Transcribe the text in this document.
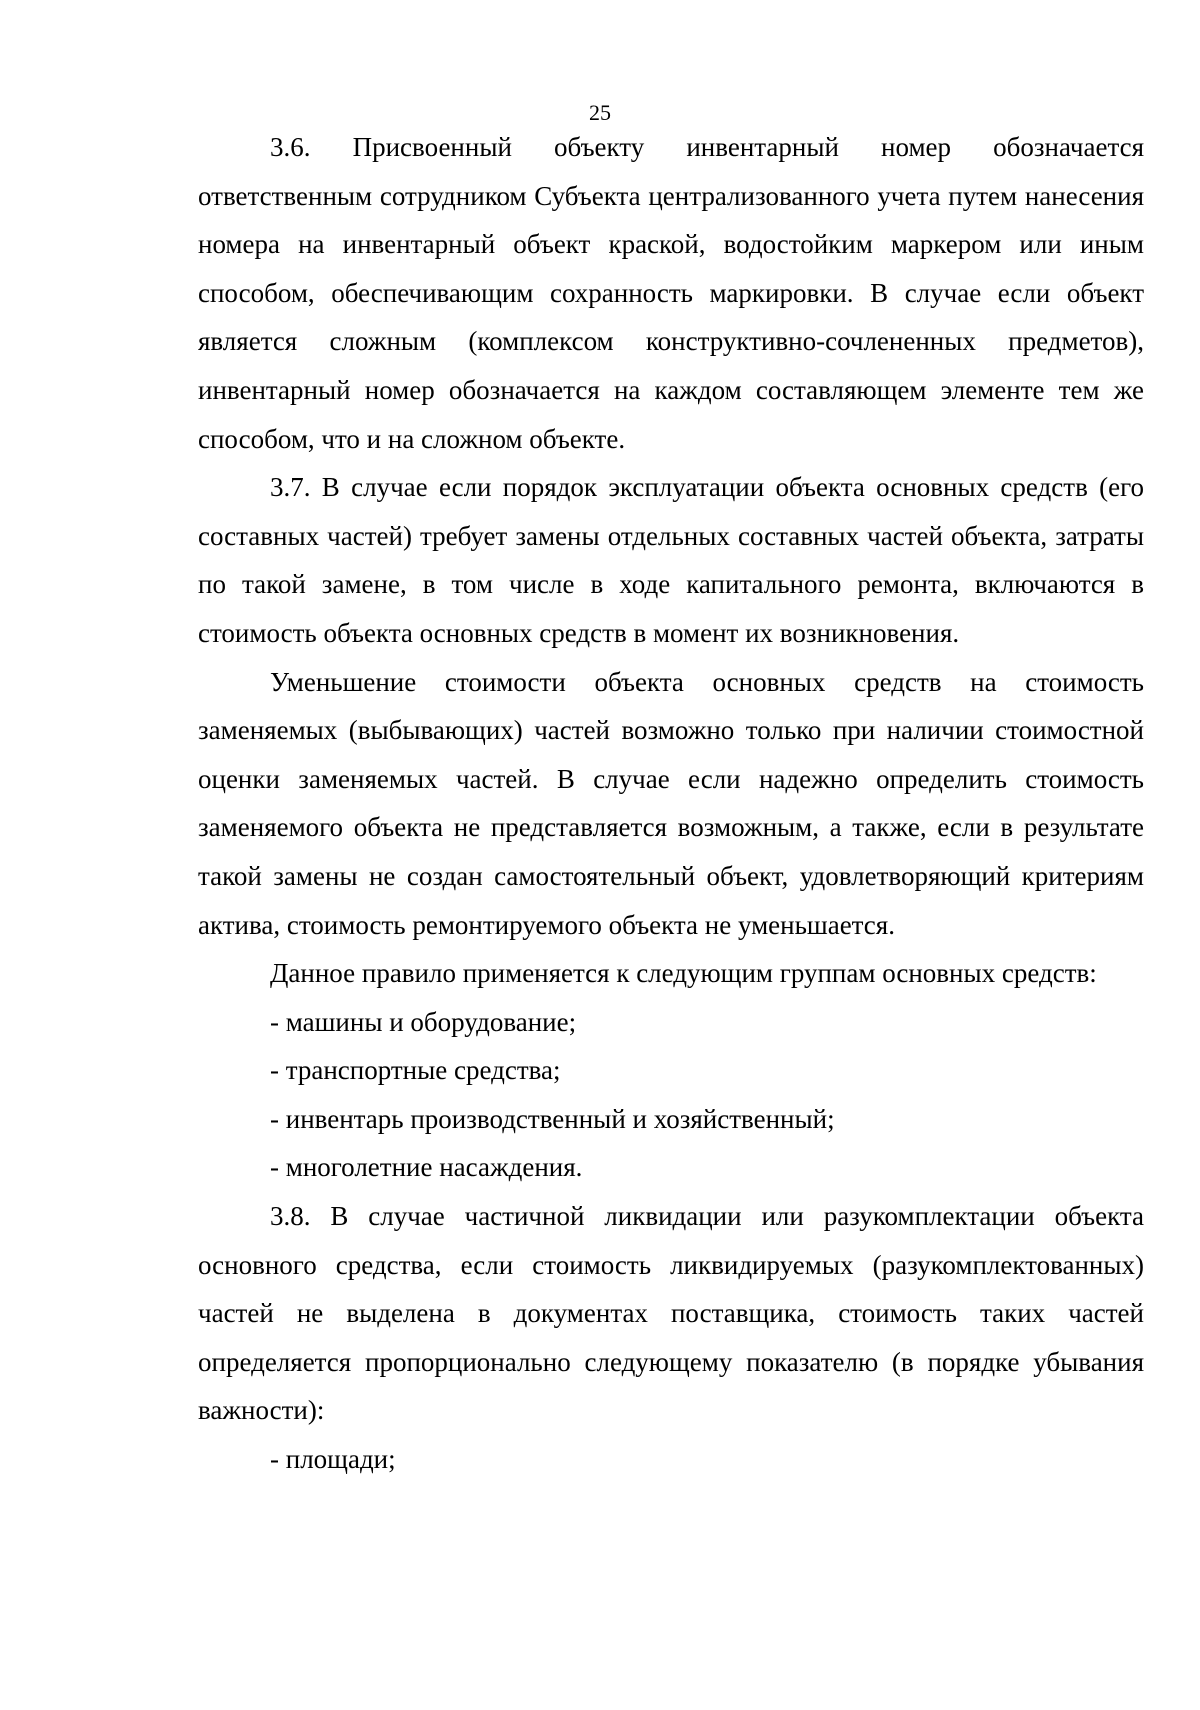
25

3.6. Присвоенный объекту инвентарный номер обозначается ответственным сотрудником Субъекта централизованного учета путем нанесения номера на инвентарный объект краской, водостойким маркером или иным способом, обеспечивающим сохранность маркировки. В случае если объект является сложным (комплексом конструктивно-сочлененных предметов), инвентарный номер обозначается на каждом составляющем элементе тем же способом, что и на сложном объекте.

3.7. В случае если порядок эксплуатации объекта основных средств (его составных частей) требует замены отдельных составных частей объекта, затраты по такой замене, в том числе в ходе капитального ремонта, включаются в стоимость объекта основных средств в момент их возникновения.

Уменьшение стоимости объекта основных средств на стоимость заменяемых (выбывающих) частей возможно только при наличии стоимостной оценки заменяемых частей. В случае если надежно определить стоимость заменяемого объекта не представляется возможным, а также, если в результате такой замены не создан самостоятельный объект, удовлетворяющий критериям актива, стоимость ремонтируемого объекта не уменьшается.

Данное правило применяется к следующим группам основных средств:

- машины и оборудование;

- транспортные средства;

- инвентарь производственный и хозяйственный;

- многолетние насаждения.

3.8. В случае частичной ликвидации или разукомплектации объекта основного средства, если стоимость ликвидируемых (разукомплектованных) частей не выделена в документах поставщика, стоимость таких частей определяется пропорционально следующему показателю (в порядке убывания важности):

- площади;
